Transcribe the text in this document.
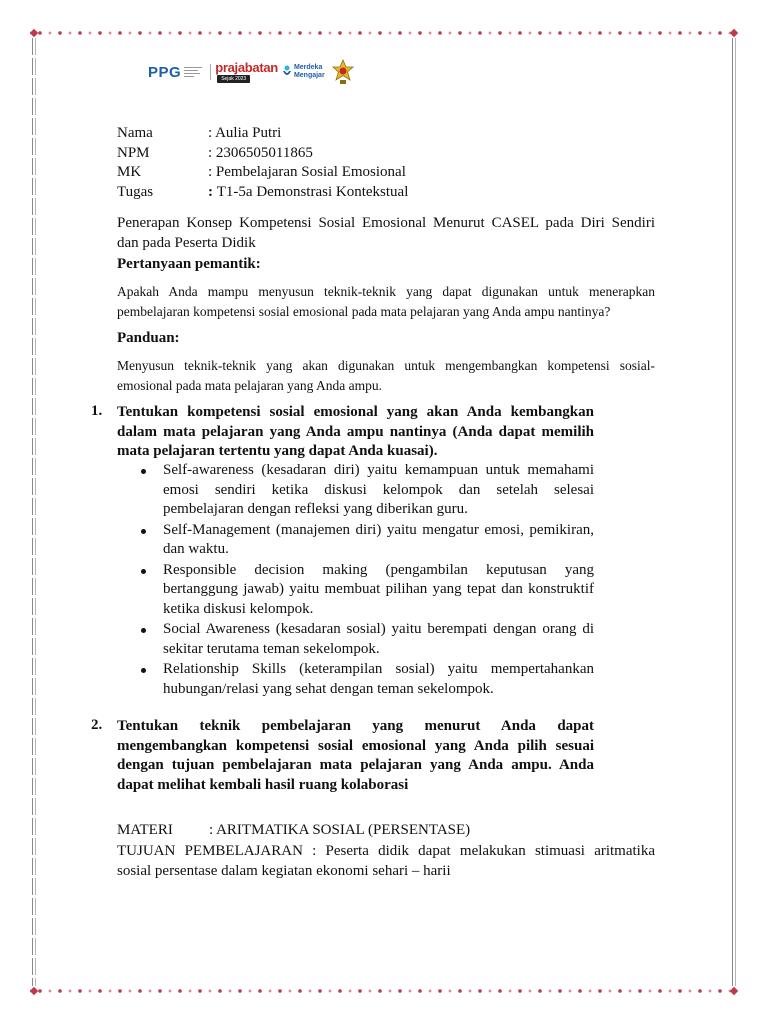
PPG	prajabatan
Sejak 2023
Merdeka
Mengajar
Nama	: Aulia Putri
NPM	: 2306505011865
MK	: Pembelajaran Sosial Emosional
Tugas	: T1-5a Demonstrasi Kontekstual
Penerapan Konsep Kompetensi Sosial Emosional Menurut CASEL pada Diri Sendiri
dan pada Peserta Didik
Pertanyaan pemantik:
Apakah Anda mampu menyusun teknik-teknik yang dapat digunakan untuk menerapkan
pembelajaran kompetensi sosial emosional pada mata pelajaran yang Anda ampu nantinya?
Panduan:
Menyusun teknik-teknik yang akan digunakan untuk mengembangkan kompetensi sosial-
emosional pada mata pelajaran yang Anda ampu.
1. Tentukan kompetensi sosial emosional yang akan Anda kembangkan
dalam mata pelajaran yang Anda ampu nantinya (Anda dapat memilih
mata pelajaran tertentu yang dapat Anda kuasai).
Self-awareness (kesadaran diri) yaitu kemampuan untuk memahami
emosi sendiri ketika diskusi kelompok dan setelah selesai
pembelajaran dengan refleksi yang diberikan guru.
Self-Management (manajemen diri) yaitu mengatur emosi, pemikiran,
dan waktu.
Responsible decision making (pengambilan keputusan yang
bertanggung jawab) yaitu membuat pilihan yang tepat dan konstruktif
ketika diskusi kelompok.
Social Awareness (kesadaran sosial) yaitu berempati dengan orang di
sekitar terutama teman sekelompok.
Relationship Skills (keterampilan sosial) yaitu mempertahankan
hubungan/relasi yang sehat dengan teman sekelompok.
2. Tentukan teknik pembelajaran yang menurut Anda dapat
mengembangkan kompetensi sosial emosional yang Anda pilih sesuai
dengan tujuan pembelajaran mata pelajaran yang Anda ampu. Anda
dapat melihat kembali hasil ruang kolaborasi
MATERI : ARITMATIKA SOSIAL (PERSENTASE)
TUJUAN PEMBELAJARAN : Peserta didik dapat melakukan stimuasi aritmatika
sosial persentase dalam kegiatan ekonomi sehari – harii
